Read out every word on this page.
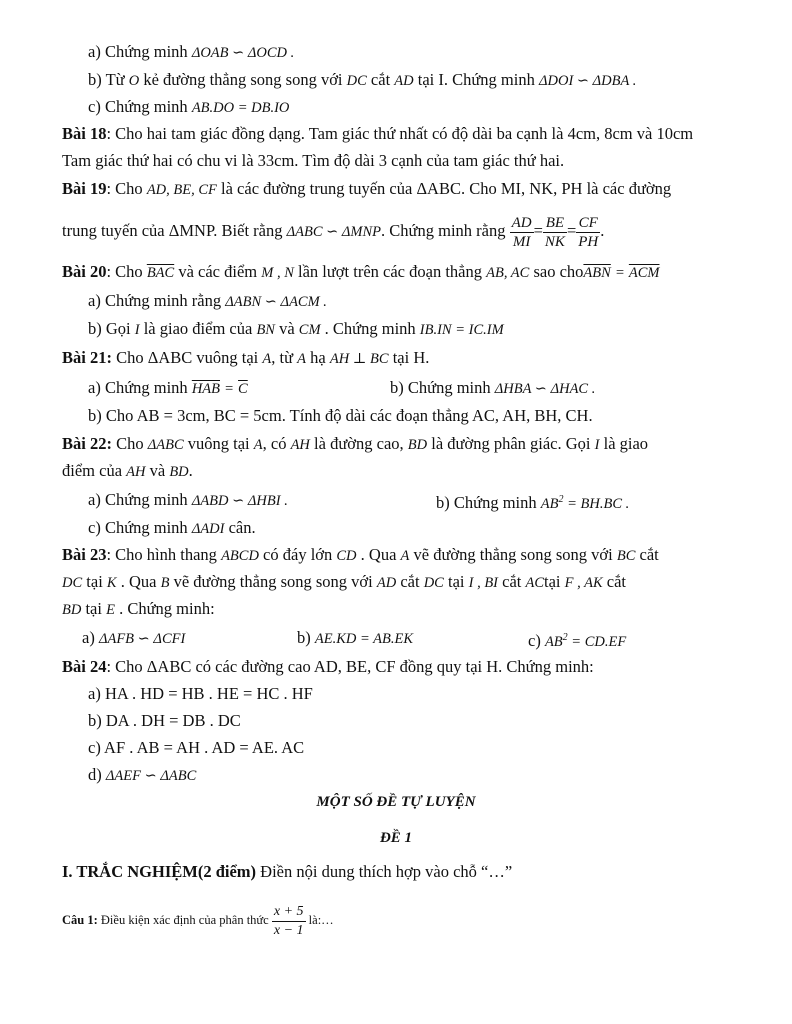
a) Chứng minh ΔOAB ∽ ΔOCD .
b) Từ O kẻ đường thẳng song song với DC cắt AD tại I. Chứng minh ΔDOI ∽ ΔDBA .
c) Chứng minh AB.DO = DB.IO
Bài 18: Cho hai tam giác đồng dạng. Tam giác thứ nhất có độ dài ba cạnh là 4cm, 8cm và 10cm
Tam giác thứ hai có chu vi là 33cm. Tìm độ dài 3 cạnh của tam giác thứ hai.
Bài 19: Cho AD, BE, CF là các đường trung tuyến của ΔABC. Cho MI, NK, PH là các đường
trung tuyến của ΔMNP. Biết rằng ΔABC ∽ ΔMNP. Chứng minh rằng $\frac{AD}{MI} = \frac{BE}{NK} = \frac{CF}{PH}$ .
Bài 20: Cho $\overline{BAC}$ và các điểm M , N lần lượt trên các đoạn thẳng AB, AC sao $cho\overline{ABN} = \overline{ACM}$
a) Chứng minh rằng ΔABN ∽ ΔACM .
b) Gọi I là giao điểm của BN và CM . Chứng minh IB.IN = IC.IM
Bài 21: Cho ΔABC vuông tại A, từ A hạ AH ⊥ BC tại H.
a) Chứng minh $\overline{HAB} = \overline{C}$	b) Chứng minh ΔHBA ∽ ΔHAC .
b) Cho AB = 3cm, BC = 5cm. Tính độ dài các đoạn thẳng AC, AH, BH, CH.
Bài 22: Cho ΔABC vuông tại A, có AH là đường cao, BD là đường phân giác. Gọi I là giao
điểm của AH và BD.
a) Chứng minh ΔABD ∽ ΔHBI .	b) Chứng minh $AB^2 = BH.BC$ .
c) Chứng minh ΔADI cân.
Bài 23: Cho hình thang ABCD có đáy lớn CD . Qua A vẽ đường thẳng song song với BC cắt
DC tại K . Qua B vẽ đường thẳng song song với AD cắt DC tại I , BI cắt ACtại F , AK cắt
BD tại E . Chứng minh:
a) ΔAFB ∽ ΔCFI	b) AE.KD = AB.EK	c) $AB^2 = CD.EF$
Bài 24: Cho ΔABC có các đường cao AD, BE, CF đồng quy tại H. Chứng minh:
a) HA . HD = HB . HE = HC . HF
b) DA . DH = DB . DC
c) AF . AB = AH . AD = AE. AC
d) ΔAEF ∽ ΔABC
MỘT SỐ ĐỀ TỰ LUYỆN
ĐỀ 1
I. TRẮC NGHIỆM(2 điểm) Điền nội dung thích hợp vào chỗ “…”
Câu 1: Điều kiện xác định của phân thức $\frac{x + 5}{x - 1}$ là:…
